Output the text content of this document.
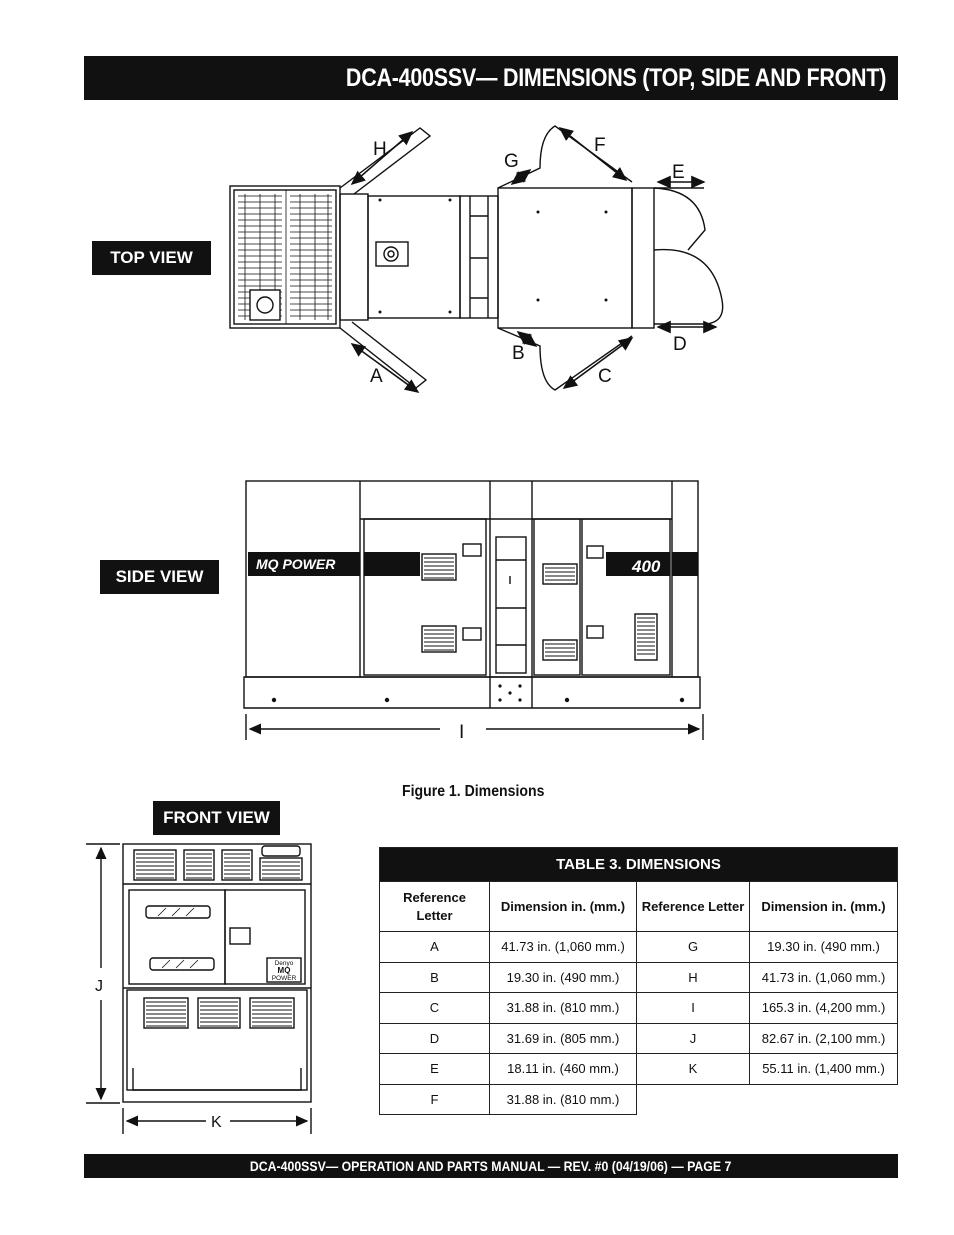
DCA-400SSV— DIMENSIONS (TOP, SIDE AND FRONT)
TOP VIEW
SIDE VIEW
FRONT VIEW
H
A
G
B
F
C
E
D
MQ POWER	400
I
Denyo
MQ
POWER
J
K
Figure 1. Dimensions
TABLE 3. DIMENSIONS			
Reference Letter	Dimension in. (mm.)	Reference Letter	Dimension in. (mm.)
A	41.73 in. (1,060 mm.)	G	19.30 in. (490 mm.)
B	19.30 in. (490 mm.)	H	41.73 in. (1,060 mm.)
C	31.88 in. (810 mm.)	I	165.3 in. (4,200 mm.)
D	31.69 in. (805 mm.)	J	82.67 in. (2,100 mm.)
E	18.11 in. (460 mm.)	K	55.11 in. (1,400 mm.)
F	31.88 in. (810 mm.)		
DCA-400SSV— OPERATION AND PARTS MANUAL — REV. #0 (04/19/06) — PAGE 7
